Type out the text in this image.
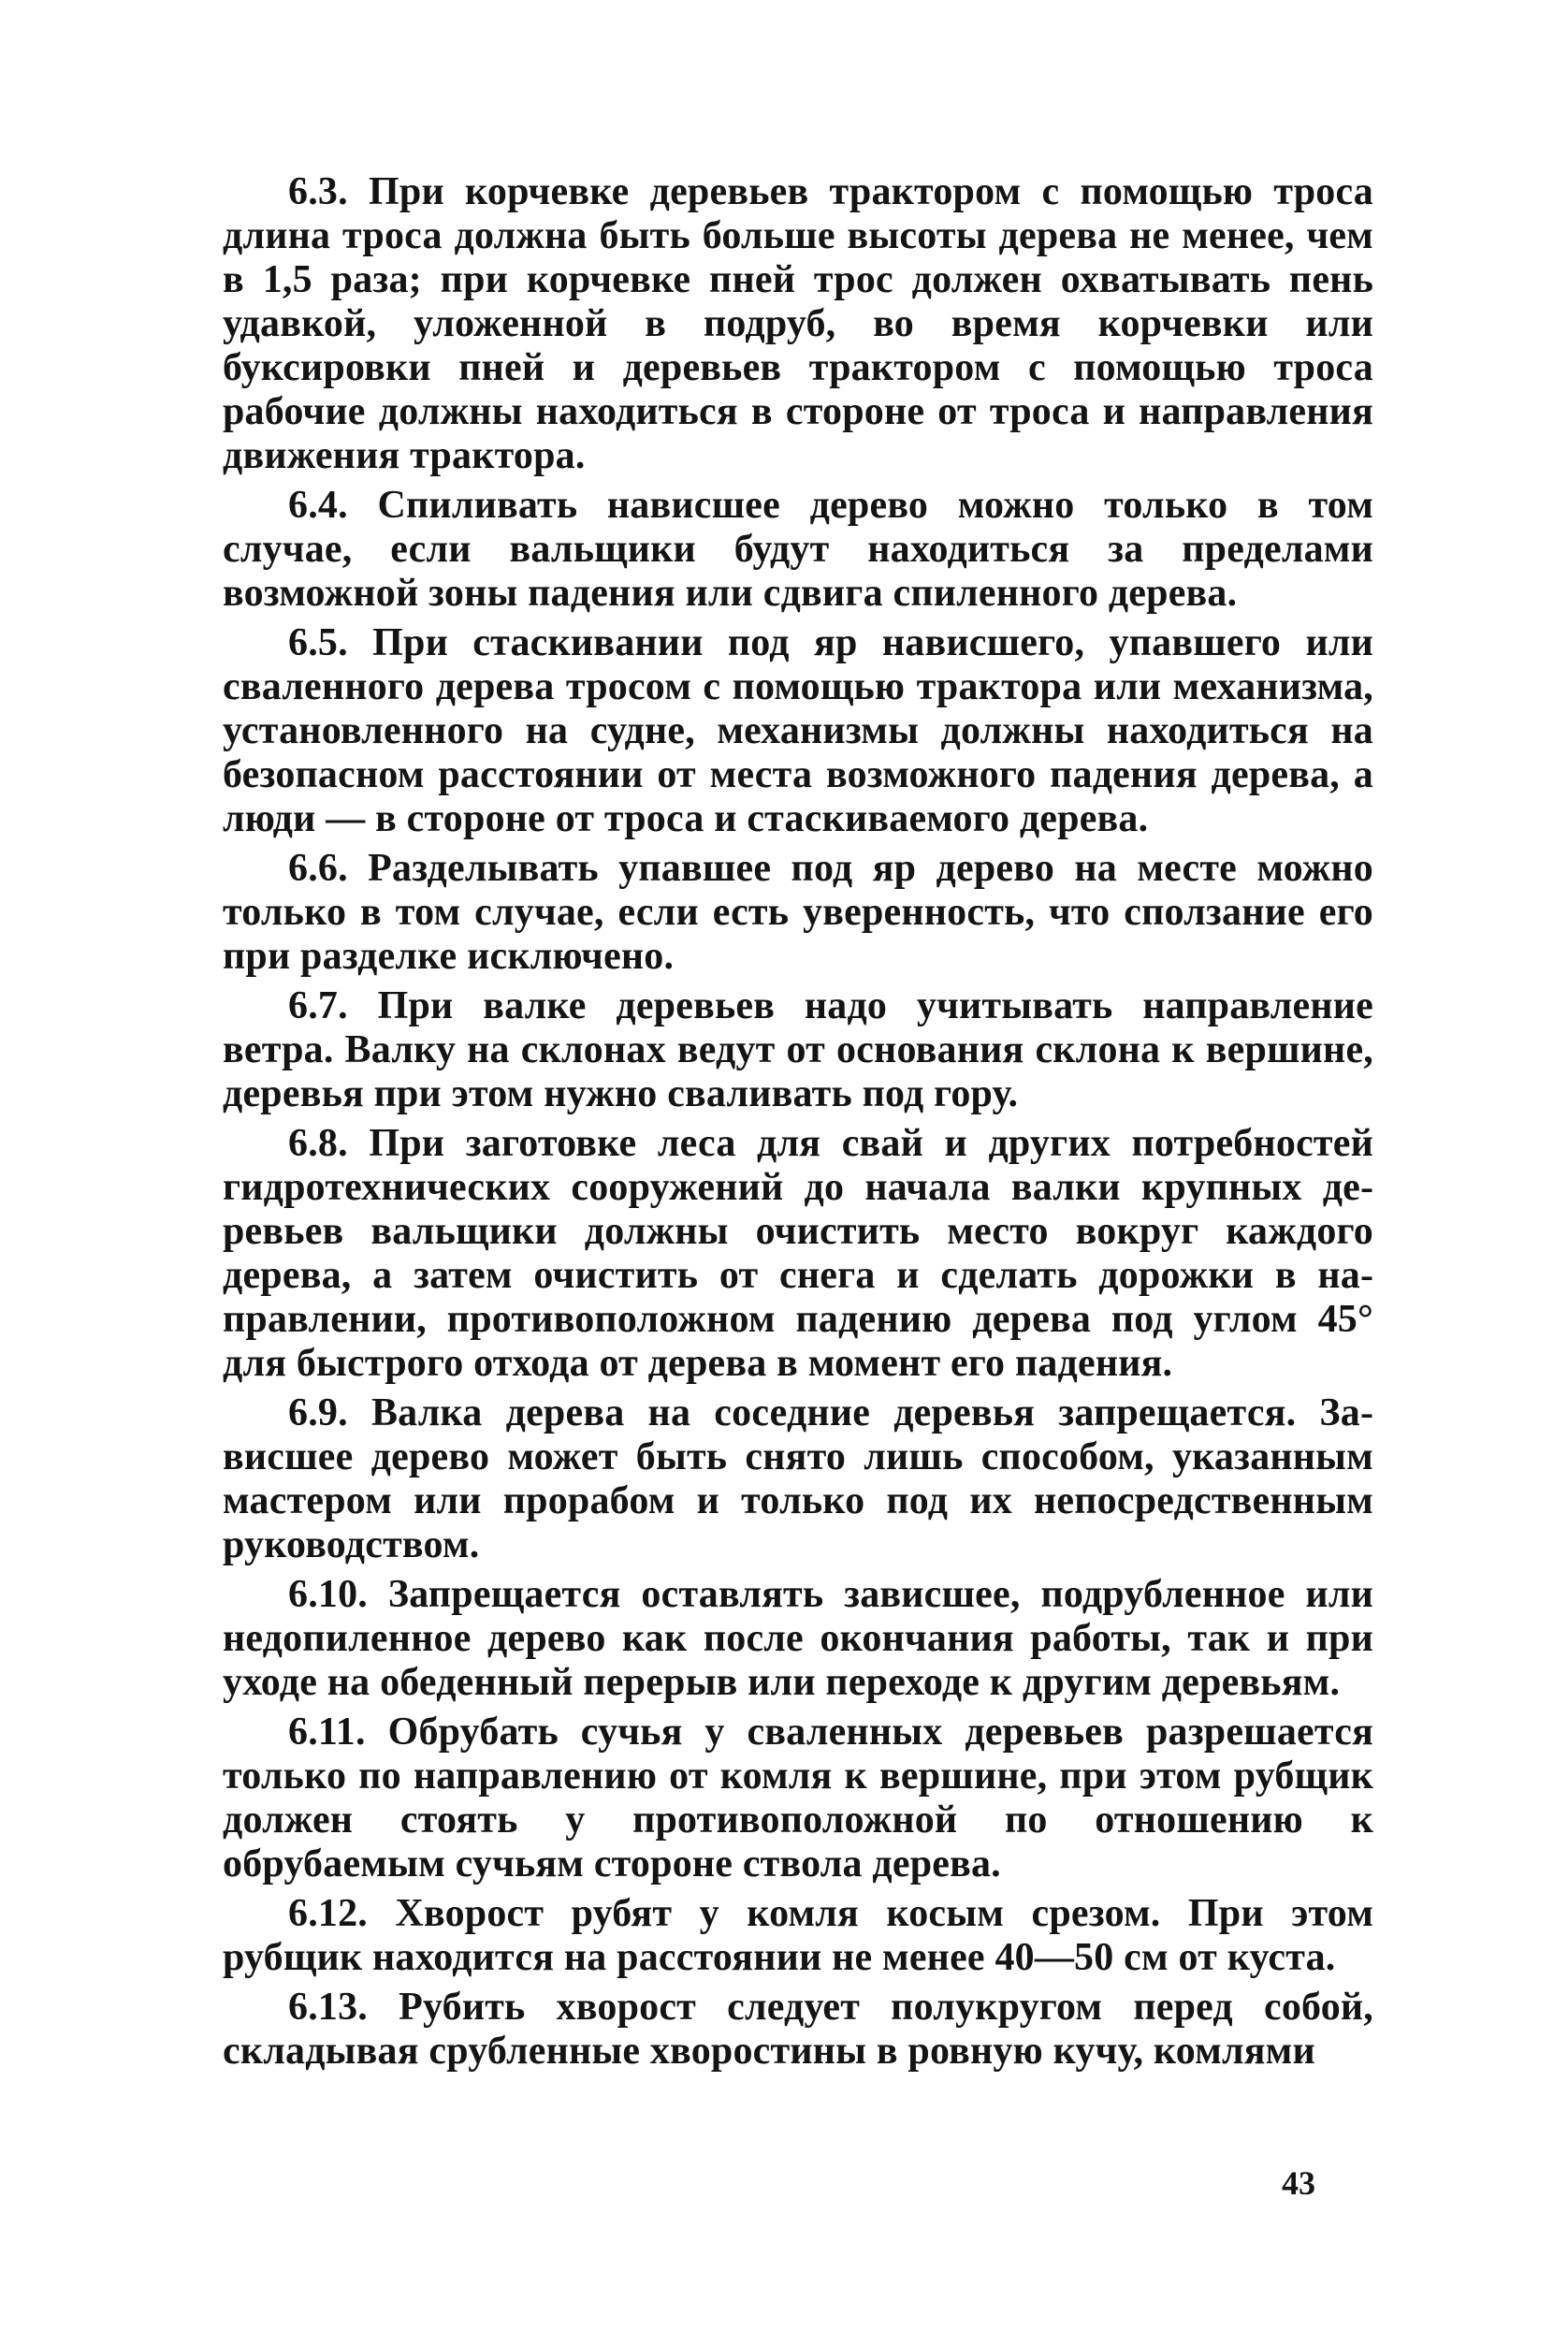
6.3. При корчевке деревьев трактором с помощью троса длина троса должна быть больше высоты дерева не менее, чем в 1,5 раза; при корчевке пней трос должен охватывать пень удавкой, уложенной в подруб, во время корчевки или буксировки пней и деревьев трактором с помощью троса рабочие должны находиться в стороне от троса и направления движения трактора.

6.4. Спиливать нависшее дерево можно только в том случае, если вальщики будут находиться за пределами возможной зоны падения или сдвига спиленного дерева.

6.5. При стаскивании под яр нависшего, упавшего или сваленного дерева тросом с помощью трактора или механизма, установленного на судне, механизмы должны находиться на безопасном расстоянии от места возможного падения дерева, а люди — в стороне от троса и стаскиваемого дерева.

6.6. Разделывать упавшее под яр дерево на месте можно только в том случае, если есть уверенность, что сползание его при разделке исключено.

6.7. При валке деревьев надо учитывать направление ветра. Валку на склонах ведут от основания склона к вершине, деревья при этом нужно сваливать под гору.

6.8. При заготовке леса для свай и других потребностей гидротехнических сооружений до начала валки крупных деревьев вальщики должны очистить место вокруг каждого дерева, а затем очистить от снега и сделать дорожки в направлении, противоположном падению дерева под углом 45° для быстрого отхода от дерева в момент его падения.

6.9. Валка дерева на соседние деревья запрещается. Зависшее дерево может быть снято лишь способом, указанным мастером или прорабом и только под их непосредственным руководством.

6.10. Запрещается оставлять зависшее, подрубленное или недопиленное дерево как после окончания работы, так и при уходе на обеденный перерыв или переходе к другим деревьям.

6.11. Обрубать сучья у сваленных деревьев разрешается только по направлению от комля к вершине, при этом рубщик должен стоять у противоположной по отношению к обрубаемым сучьям стороне ствола дерева.

6.12. Хворост рубят у комля косым срезом. При этом рубщик находится на расстоянии не менее 40—50 см от куста.

6.13. Рубить хворост следует полукругом перед собой, складывая срубленные хворостины в ровную кучу, комлями

43
